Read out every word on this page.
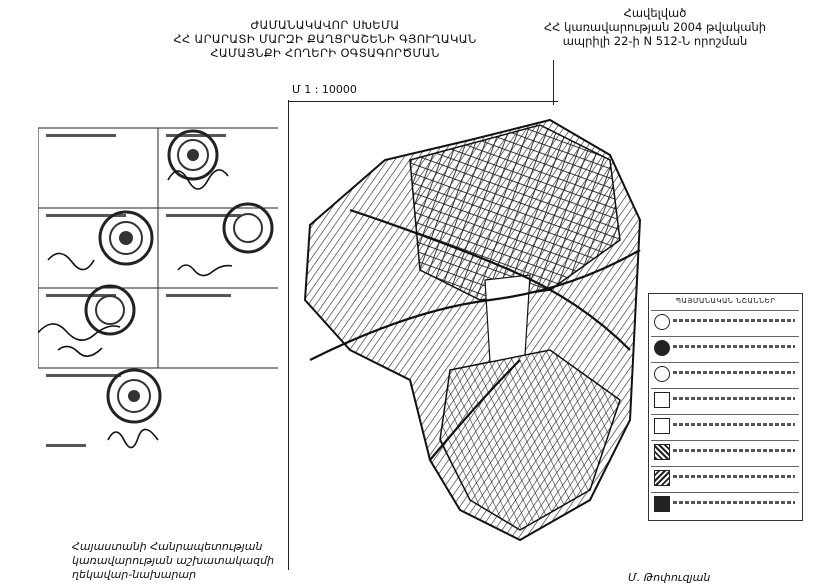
ԺԱՄԱՆԱԿԱՎՈՐ ՍԽԵՄԱ
ՀՀ ԱՐԱՐԱՏԻ ՄԱՐԶԻ ՔԱՂՑՐԱՇԵՆԻ ԳՅՈՒՂԱԿԱՆ
ՀԱՄԱՅՆՔԻ ՀՈՂԵՐԻ ՕԳՏԱԳՈՐԾՄԱՆ
Հավելված
ՀՀ կառավարության 2004 թվականի
ապրիլի 22-ի N 512-Ն որոշման
Մ 1 : 10000
ՊԱՅՄԱՆԱԿԱՆ ՆՇԱՆՆԵՐ
Հայաստանի Հանրապետության
կառավարության աշխատակազմի
ղեկավար-նախարար	Մ. Թոփուզյան
